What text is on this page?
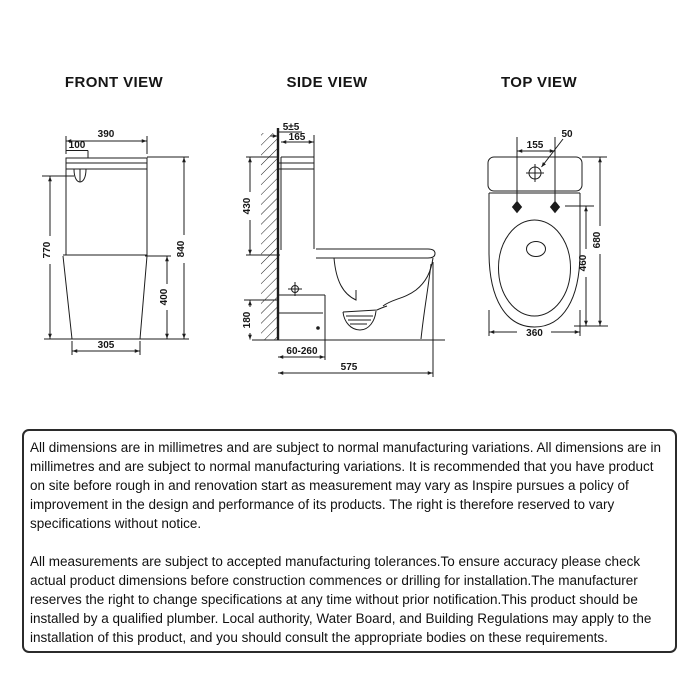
FRONT VIEW	SIDE VIEW	TOP VIEW
390
100
770	840
400
305
5±5
165
430
180
60-260
575
155
50
680
460
360

All dimensions are in millimetres and are subject to normal manufacturing variations. All dimensions are in millimetres and are subject to normal manufacturing variations. It is recommended that you have product on site before rough in and renovation start as measurement may vary as Inspire pursues a policy of improvement in the design and performance of its products. The right is therefore reserved to vary specifications without notice.

All measurements are subject to accepted manufacturing tolerances.To ensure accuracy please check actual product dimensions before construction commences or drilling for installation.The manufacturer reserves the right to change specifications at any time without prior notification.This product should be installed by a qualified plumber. Local authority, Water Board, and Building Regulations may apply to the installation of this product, and you should consult the appropriate bodies on these requirements.
